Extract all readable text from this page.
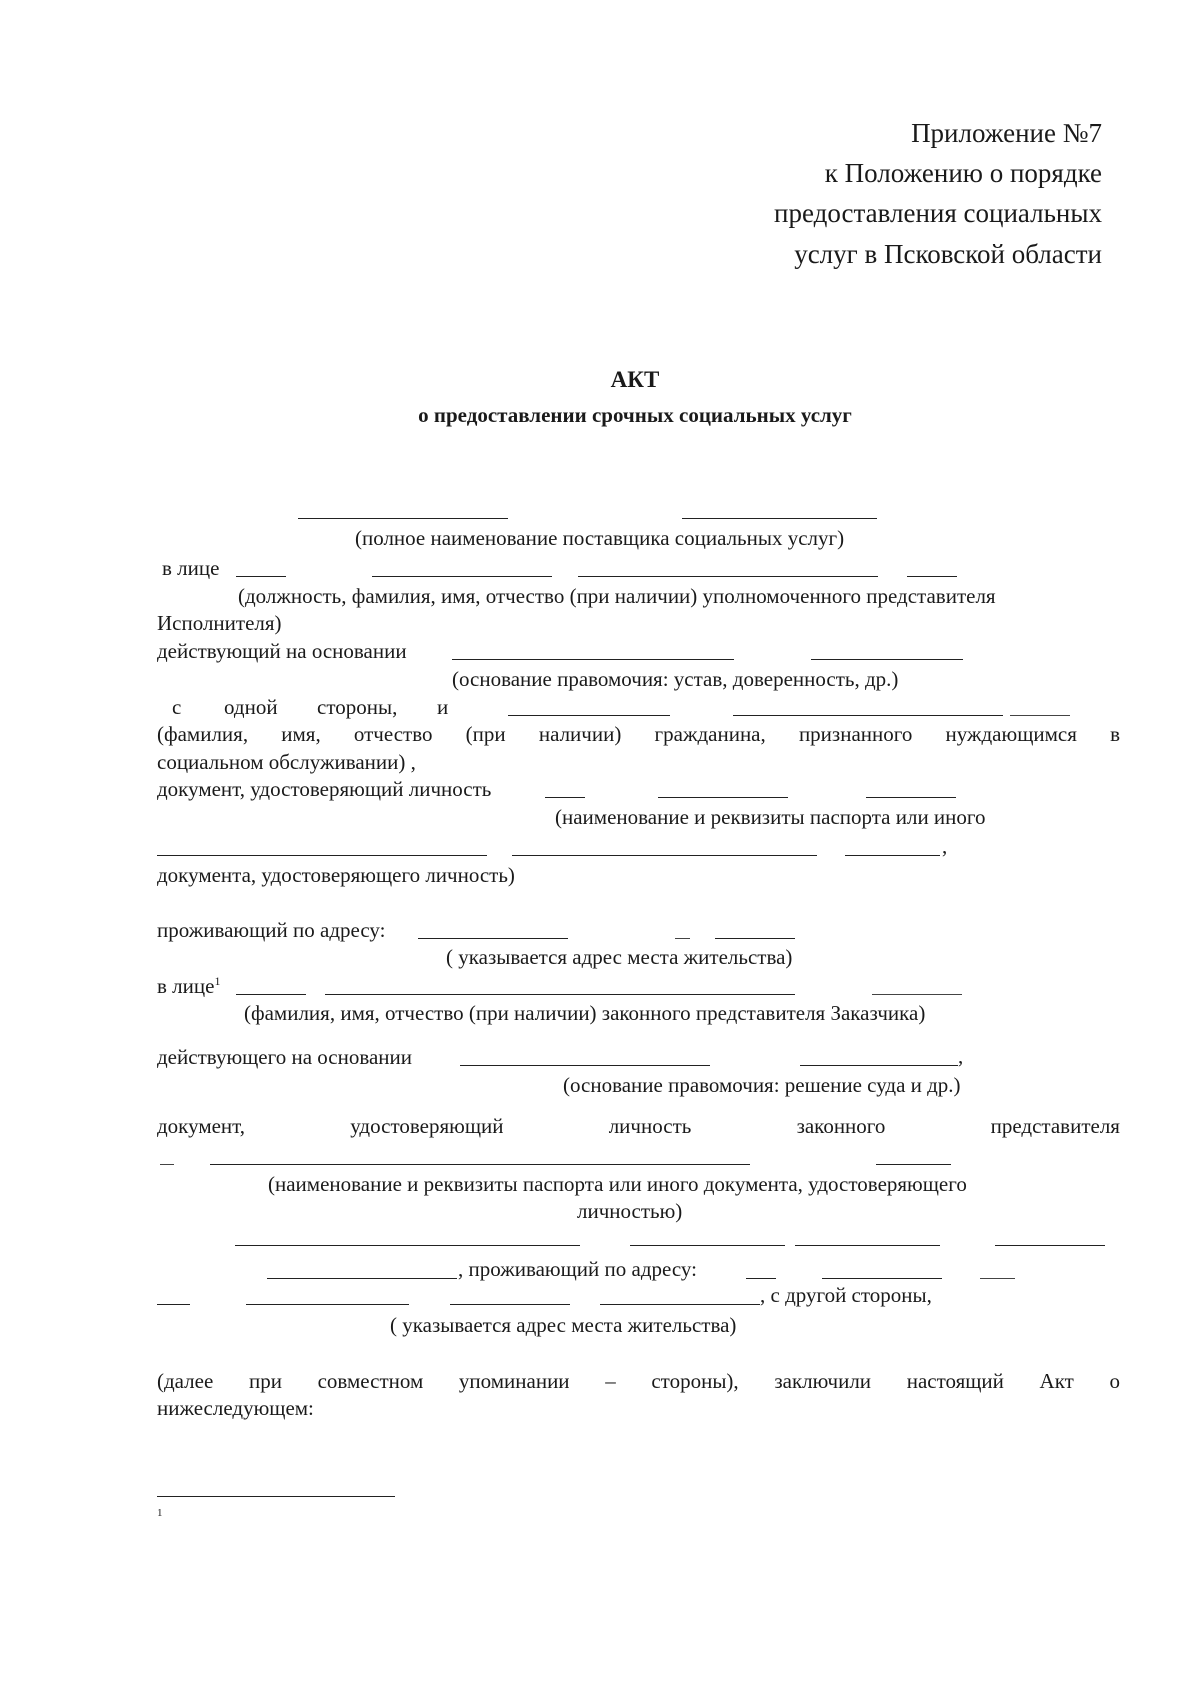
Приложение №7
к Положению о порядке
предоставления социальных
услуг в Псковской области
АКТ
о предоставлении срочных социальных услуг
(полное наименование поставщика социальных услуг)
в лице
(должность, фамилия, имя, отчество (при наличии) уполномоченного представителя
Исполнителя)
действующий на основании
(основание правомочия: устав, доверенность, др.)
с одной стороны, и
(фамилия, имя, отчество (при наличии) гражданина, признанного нуждающимся в
социальном обслуживании) ,
документ, удостоверяющий личность
(наименование и реквизиты паспорта или иного
,
документа, удостоверяющего личность)
проживающий по адресу:
( указывается адрес места жительства)
в лице$^1$
(фамилия, имя, отчество (при наличии) законного представителя Заказчика)
действующего на основании	,
(основание правомочия: решение суда и др.)
документ,	удостоверяющий	личность	законного	представителя
(наименование и реквизиты паспорта или иного документа, удостоверяющего
личностью)
, проживающий по адресу:
, с другой стороны,
( указывается адрес места жительства)
(далее при совместном упоминании – стороны), заключили настоящий Акт о
нижеследующем:
1
